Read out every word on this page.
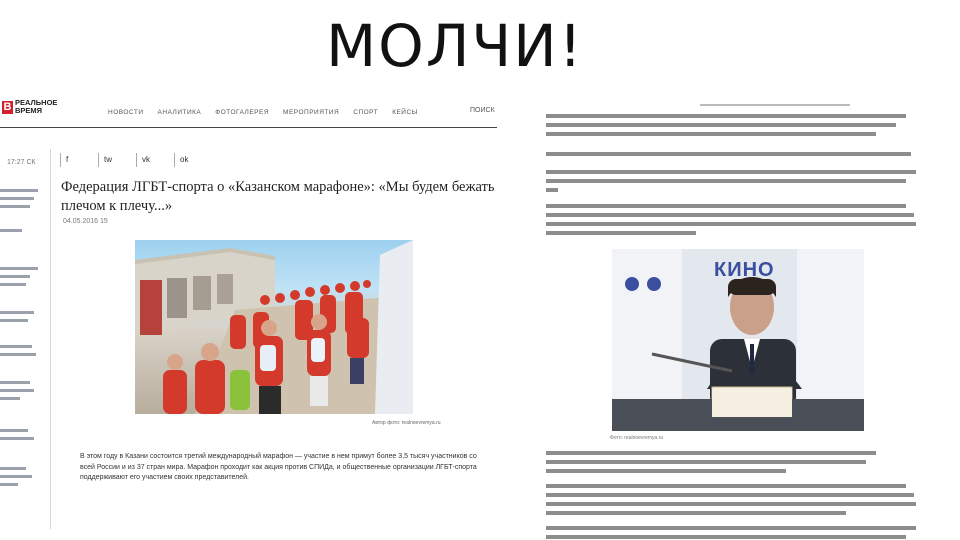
МОЛЧИ!
В РЕАЛЬНОЕ ВРЕМЯ	НОВОСТИ АНАЛИТИКА ФОТОГАЛЕРЕЯ МЕРОПРИЯТИЯ СПОРТ КЕЙСЫ	ПОИСК
17:27 СК	f	tw	vk	ok
Федерация ЛГБТ-спорта о «Казанском марафоне»: «Мы будем бежать плечом к плечу...»
04.05.2016 15
Автор фото: realnoevremya.ru

В этом году в Казани состоится третий международный марафон — участие в нем примут более 3,5 тысяч участников со всей России и из 37 стран мира. Марафон проходит как акция против СПИДа, и общественные организации ЛГБТ-спорта поддерживают его участием своих представителей.

КИНО
Фото: realnoevremya.ru
